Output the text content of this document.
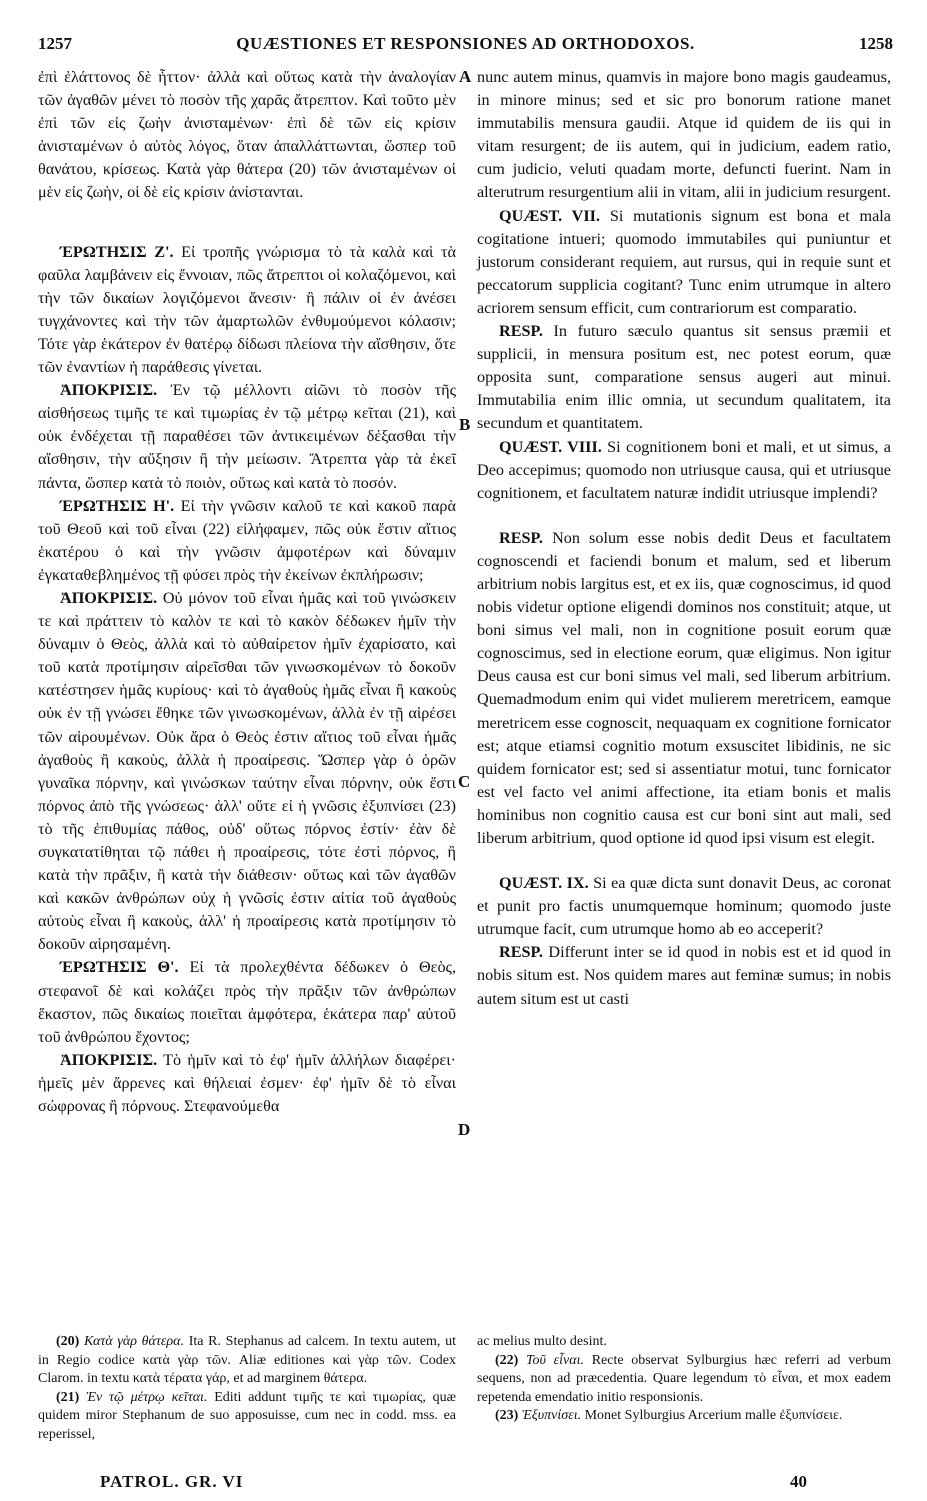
1257	QUÆSTIONES ET RESPONSIONES AD ORTHODOXOS.	1258

ἐπὶ ἐλάττονος δὲ ἧττον· ἀλλὰ καὶ οὕτως κατὰ τὴν ἀναλογίαν τῶν ἀγαθῶν μένει τὸ ποσὸν τῆς χαρᾶς ἄτρεπτον. Καὶ τοῦτο μὲν ἐπὶ τῶν εἰς ζωὴν ἀνισταμένων· ἐπὶ δὲ τῶν εἰς κρίσιν ἀνισταμένων ὁ αὐτὸς λόγος, ὅταν ἀπαλλάττωνται, ὥσπερ τοῦ θανάτου, κρίσεως. Κατὰ γὰρ θάτερα (20) τῶν ἀνισταμένων οἱ μὲν εἰς ζωὴν, οἱ δὲ εἰς κρίσιν ἀνίστανται.

ΈΡΩΤΗΣΙΣ Ζ'. Εἰ τροπῆς γνώρισμα τὸ τὰ καλὰ καὶ τὰ φαῦλα λαμβάνειν εἰς ἔννοιαν, πῶς ἄτρεπτοι οἱ κολαζόμενοι, καὶ τὴν τῶν δικαίων λογιζόμενοι ἄνεσιν· ἢ πάλιν οἱ ἐν ἀνέσει τυγχάνοντες καὶ τὴν τῶν ἁμαρτωλῶν ἐνθυμούμενοι κόλασιν; Τότε γὰρ ἑκάτερον ἐν θατέρῳ δίδωσι πλείονα τὴν αἴσθησιν, ὅτε τῶν ἐναντίων ἡ παράθεσις γίνεται.

ἈΠΟΚΡΙΣΙΣ. Ἐν τῷ μέλλοντι αἰῶνι τὸ ποσὸν τῆς αἰσθήσεως τιμῆς τε καὶ τιμωρίας ἐν τῷ μέτρῳ κεῖται (21), καὶ οὐκ ἐνδέχεται τῇ παραθέσει τῶν ἀντικειμένων δέξασθαι τὴν αἴσθησιν, τὴν αὔξησιν ἢ τὴν μείωσιν. Ἄτρεπτα γὰρ τὰ ἐκεῖ πάντα, ὥσπερ κατὰ τὸ ποιὸν, οὕτως καὶ κατὰ τὸ ποσόν.

ΈΡΩΤΗΣΙΣ Η'. Εἰ τὴν γνῶσιν καλοῦ τε καὶ κακοῦ παρὰ τοῦ Θεοῦ καὶ τοῦ εἶναι (22) εἰλήφαμεν, πῶς οὐκ ἔστιν αἴτιος ἑκατέρου ὁ καὶ τὴν γνῶσιν ἀμφοτέρων καὶ δύναμιν ἐγκαταθεβλημένος τῇ φύσει πρὸς τὴν ἐκείνων ἐκπλήρωσιν;

ἈΠΟΚΡΙΣΙΣ. Οὐ μόνον τοῦ εἶναι ἡμᾶς καὶ τοῦ γινώσκειν τε καὶ πράττειν τὸ καλὸν τε καὶ τὸ κακὸν δέδωκεν ἡμῖν τὴν δύναμιν ὁ Θεὸς, ἀλλὰ καὶ τὸ αὐθαίρετον ἡμῖν ἐχαρίσατο, καὶ τοῦ κατὰ προτίμησιν αἱρεῖσθαι τῶν γινωσκομένων τὸ δοκοῦν κατέστησεν ἡμᾶς κυρίους· καὶ τὸ ἀγαθοὺς ἡμᾶς εἶναι ἢ κακοὺς οὐκ ἐν τῇ γνώσει ἔθηκε τῶν γινωσκομένων, ἀλλὰ ἐν τῇ αἱρέσει τῶν αἱρουμένων. Οὐκ ἄρα ὁ Θεὸς ἐστιν αἴτιος τοῦ εἶναι ἡμᾶς ἀγαθοὺς ἢ κακοὺς, ἀλλὰ ἡ προαίρεσις. Ὥσπερ γὰρ ὁ ὁρῶν γυναῖκα πόρνην, καὶ γινώσκων ταύτην εἶναι πόρνην, οὐκ ἔστι πόρνος ἀπὸ τῆς γνώσεως· ἀλλ' οὔτε εἰ ἡ γνῶσις ἐξυπνίσει (23) τὸ τῆς ἐπιθυμίας πάθος, οὐδ' οὕτως πόρνος ἐστίν· ἐὰν δὲ συγκατατίθηται τῷ πάθει ἡ προαίρεσις, τότε ἐστὶ πόρνος, ἢ κατὰ τὴν πρᾶξιν, ἢ κατὰ τὴν διάθεσιν· οὕτως καὶ τῶν ἀγαθῶν καὶ κακῶν ἀνθρώπων οὐχ ἡ γνῶσίς ἐστιν αἰτία τοῦ ἀγαθοὺς αὐτοὺς εἶναι ἢ κακοὺς, ἀλλ' ἡ προαίρεσις κατὰ προτίμησιν τὸ δοκοῦν αἱρησαμένη.

ΈΡΩΤΗΣΙΣ Θ'. Εἰ τὰ προλεχθέντα δέδωκεν ὁ Θεὸς, στεφανοῖ δὲ καὶ κολάζει πρὸς τὴν πρᾶξιν τῶν ἀνθρώπων ἕκαστον, πῶς δικαίως ποιεῖται ἀμφότερα, ἑκάτερα παρ' αὐτοῦ τοῦ ἀνθρώπου ἔχοντος;

ἈΠΟΚΡΙΣΙΣ. Τὸ ἡμῖν καὶ τὸ ἐφ' ἡμῖν ἀλλήλων διαφέρει· ἡμεῖς μὲν ἄρρενες καὶ θήλειαί ἐσμεν· ἐφ' ἡμῖν δὲ τὸ εἶναι σώφρονας ἢ πόρνους. Στεφανούμεθα

A
B
C
D

nunc autem minus, quamvis in majore bono magis gaudeamus, in minore minus; sed et sic pro bonorum ratione manet immutabilis mensura gaudii. Atque id quidem de iis qui in vitam resurgent; de iis autem, qui in judicium, eadem ratio, cum judicio, veluti quadam morte, defuncti fuerint. Nam in alterutrum resurgentium alii in vitam, alii in judicium resurgent.

QUÆST. VII. Si mutationis signum est bona et mala cogitatione intueri; quomodo immutabiles qui puniuntur et justorum considerant requiem, aut rursus, qui in requie sunt et peccatorum supplicia cogitant? Tunc enim utrumque in altero acriorem sensum efficit, cum contrariorum est comparatio.

RESP. In futuro sæculo quantus sit sensus præmii et supplicii, in mensura positum est, nec potest eorum, quæ opposita sunt, comparatione sensus augeri aut minui. Immutabilia enim illic omnia, ut secundum qualitatem, ita secundum et quantitatem.

QUÆST. VIII. Si cognitionem boni et mali, et ut simus, a Deo accepimus; quomodo non utriusque causa, qui et utriusque cognitionem, et facultatem naturæ indidit utriusque implendi?

RESP. Non solum esse nobis dedit Deus et facultatem cognoscendi et faciendi bonum et malum, sed et liberum arbitrium nobis largitus est, et ex iis, quæ cognoscimus, id quod nobis videtur optione eligendi dominos nos constituit; atque, ut boni simus vel mali, non in cognitione posuit eorum quæ cognoscimus, sed in electione eorum, quæ eligimus. Non igitur Deus causa est cur boni simus vel mali, sed liberum arbitrium. Quemadmodum enim qui videt mulierem meretricem, eamque meretricem esse cognoscit, nequaquam ex cognitione fornicator est; atque etiamsi cognitio motum exsuscitet libidinis, ne sic quidem fornicator est; sed si assentiatur motui, tunc fornicator est vel facto vel animi affectione, ita etiam bonis et malis hominibus non cognitio causa est cur boni sint aut mali, sed liberum arbitrium, quod optione id quod ipsi visum est elegit.

QUÆST. IX. Si ea quæ dicta sunt donavit Deus, ac coronat et punit pro factis unumquemque hominum; quomodo juste utrumque facit, cum utrumque homo ab eo acceperit?

RESP. Differunt inter se id quod in nobis est et id quod in nobis situm est. Nos quidem mares aut feminæ sumus; in nobis autem situm est ut casti

(20) Κατὰ γὰρ θάτερα. Ita R. Stephanus ad calcem. In textu autem, ut in Regio codice κατὰ γὰρ τῶν. Aliæ editiones καὶ γὰρ τῶν. Codex Clarom. in textu κατὰ τέρατα γάρ, et ad marginem θάτερα.

(21) Ἐν τῷ μέτρῳ κεῖται. Editi addunt τιμῆς τε καὶ τιμωρίας, quæ quidem miror Stephanum de suo apposuisse, cum nec in codd. mss. ea reperissel,

ac melius multo desint.

(22) Τοῦ εἶναι. Recte observat Sylburgius hæc referri ad verbum sequens, non ad præcedentia. Quare legendum τὸ εἶναι, et mox eadem repetenda emendatio initio responsionis.

(23) Ἐξυπνίσει. Monet Sylburgius Arcerium malle ἐξυπνίσειε.

PATROL. GR. VI	40
